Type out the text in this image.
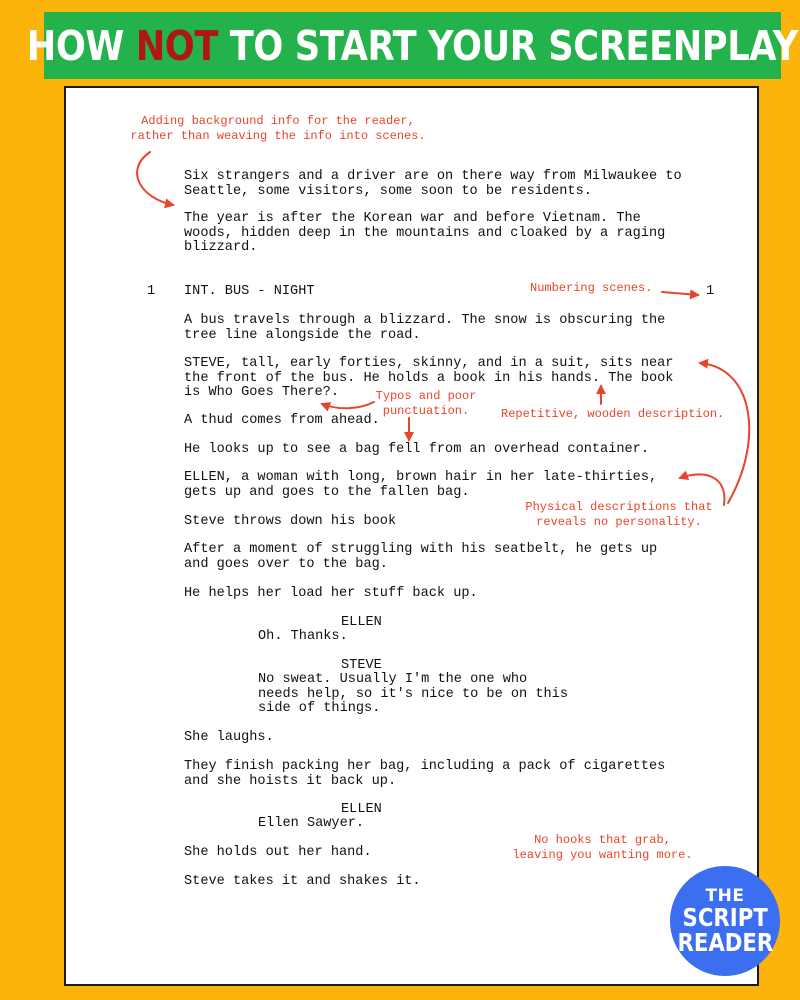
HOW NOT TO START YOUR SCREENPLAY
Six strangers and a driver are on there way from Milwaukee to
Seattle, some visitors, some soon to be residents.
The year is after the Korean war and before Vietnam. The
woods, hidden deep in the mountains and cloaked by a raging
blizzard.
1 INT. BUS - NIGHT	1
A bus travels through a blizzard. The snow is obscuring the
tree line alongside the road.
STEVE, tall, early forties, skinny, and in a suit, sits near
the front of the bus. He holds a book in his hands. The book
is Who Goes There?.
A thud comes from ahead.
He looks up to see a bag fell from an overhead container.
ELLEN, a woman with long, brown hair in her late-thirties,
gets up and goes to the fallen bag.
Steve throws down his book
After a moment of struggling with his seatbelt, he gets up
and goes over to the bag.
He helps her load her stuff back up.
ELLEN
Oh. Thanks.
STEVE
No sweat. Usually I'm the one who
needs help, so it's nice to be on this
side of things.
She laughs.
They finish packing her bag, including a pack of cigarettes
and she hoists it back up.
ELLEN
Ellen Sawyer.
She holds out her hand.
Steve takes it and shakes it.
Adding background info for the reader,
rather than weaving the info into scenes.
Numbering scenes.
Typos and poor
punctuation.	Repetitive, wooden description.
Physical descriptions that
reveals no personality.
No hooks that grab,
leaving you wanting more.
THE
SCRIPT
READER
